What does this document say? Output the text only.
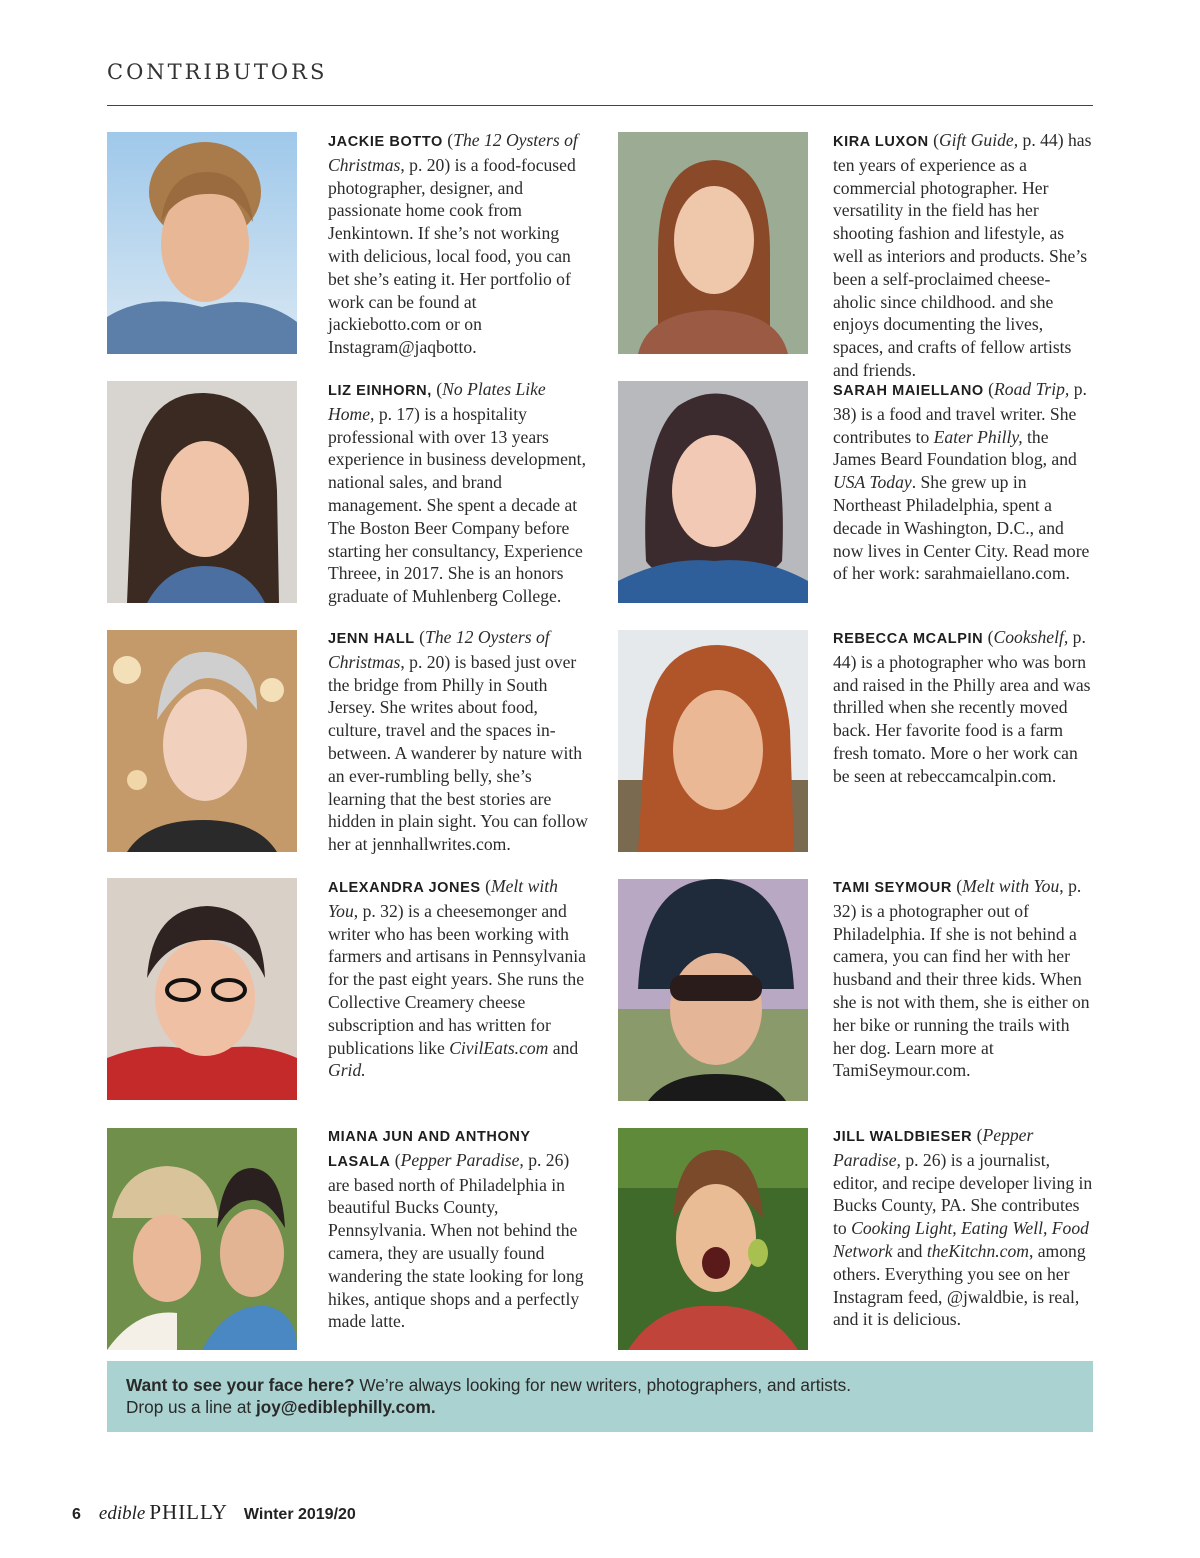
CONTRIBUTORS
JACKIE BOTTO (The 12 Oysters of Christmas, p. 20) is a food-focused photographer, designer, and passionate home cook from Jenkintown. If she’s not working with delicious, local food, you can bet she’s eating it. Her portfolio of work can be found at jackiebotto.com or on Instagram@jaqbotto.
KIRA LUXON (Gift Guide, p. 44) has ten years of experience as a commercial photographer. Her versatility in the field has her shooting fashion and lifestyle, as well as interiors and products. She’s been a self-proclaimed cheese-aholic since childhood. and she enjoys documenting the lives, spaces, and crafts of fellow artists and friends.
LIZ EINHORN, (No Plates Like Home, p. 17) is a hospitality professional with over 13 years experience in business development, national sales, and brand management. She spent a decade at The Boston Beer Company before starting her consultancy, Experience Threee, in 2017. She is an honors graduate of Muhlenberg College.
SARAH MAIELLANO (Road Trip, p. 38) is a food and travel writer. She contributes to Eater Philly, the James Beard Foundation blog, and USA Today. She grew up in Northeast Philadelphia, spent a decade in Washington, D.C., and now lives in Center City. Read more of her work: sarahmaiellano.com.
JENN HALL (The 12 Oysters of Christmas, p. 20) is based just over the bridge from Philly in South Jersey. She writes about food, culture, travel and the spaces in-between. A wanderer by nature with an ever-rumbling belly, she’s learning that the best stories are hidden in plain sight. You can follow her at jennhallwrites.com.
REBECCA MCALPIN (Cookshelf, p. 44) is a photographer who was born and raised in the Philly area and was thrilled when she recently moved back. Her favorite food is a farm fresh tomato. More o her work can be seen at rebeccamcalpin.com.
ALEXANDRA JONES (Melt with You, p. 32) is a cheesemonger and writer who has been working with farmers and artisans in Pennsylvania for the past eight years. She runs the Collective Creamery cheese subscription and has written for publications like CivilEats.com and Grid.
TAMI SEYMOUR (Melt with You, p. 32) is a photographer out of Philadelphia. If she is not behind a camera, you can find her with her husband and their three kids. When she is not with them, she is either on her bike or running the trails with her dog. Learn more at TamiSeymour.com.
MIANA JUN AND ANTHONY LASALA (Pepper Paradise, p. 26) are based north of Philadelphia in beautiful Bucks County, Pennsylvania. When not behind the camera, they are usually found wandering the state looking for long hikes, antique shops and a perfectly made latte.
JILL WALDBIESER (Pepper Paradise, p. 26) is a journalist, editor, and recipe developer living in Bucks County, PA. She contributes to Cooking Light, Eating Well, Food Network and theKitchn.com, among others. Everything you see on her Instagram feed, @jwaldbie, is real, and it is delicious.
Want to see your face here? We’re always looking for new writers, photographers, and artists.
Drop us a line at joy@ediblephilly.com.
6 edible PHILLY Winter 2019/20
